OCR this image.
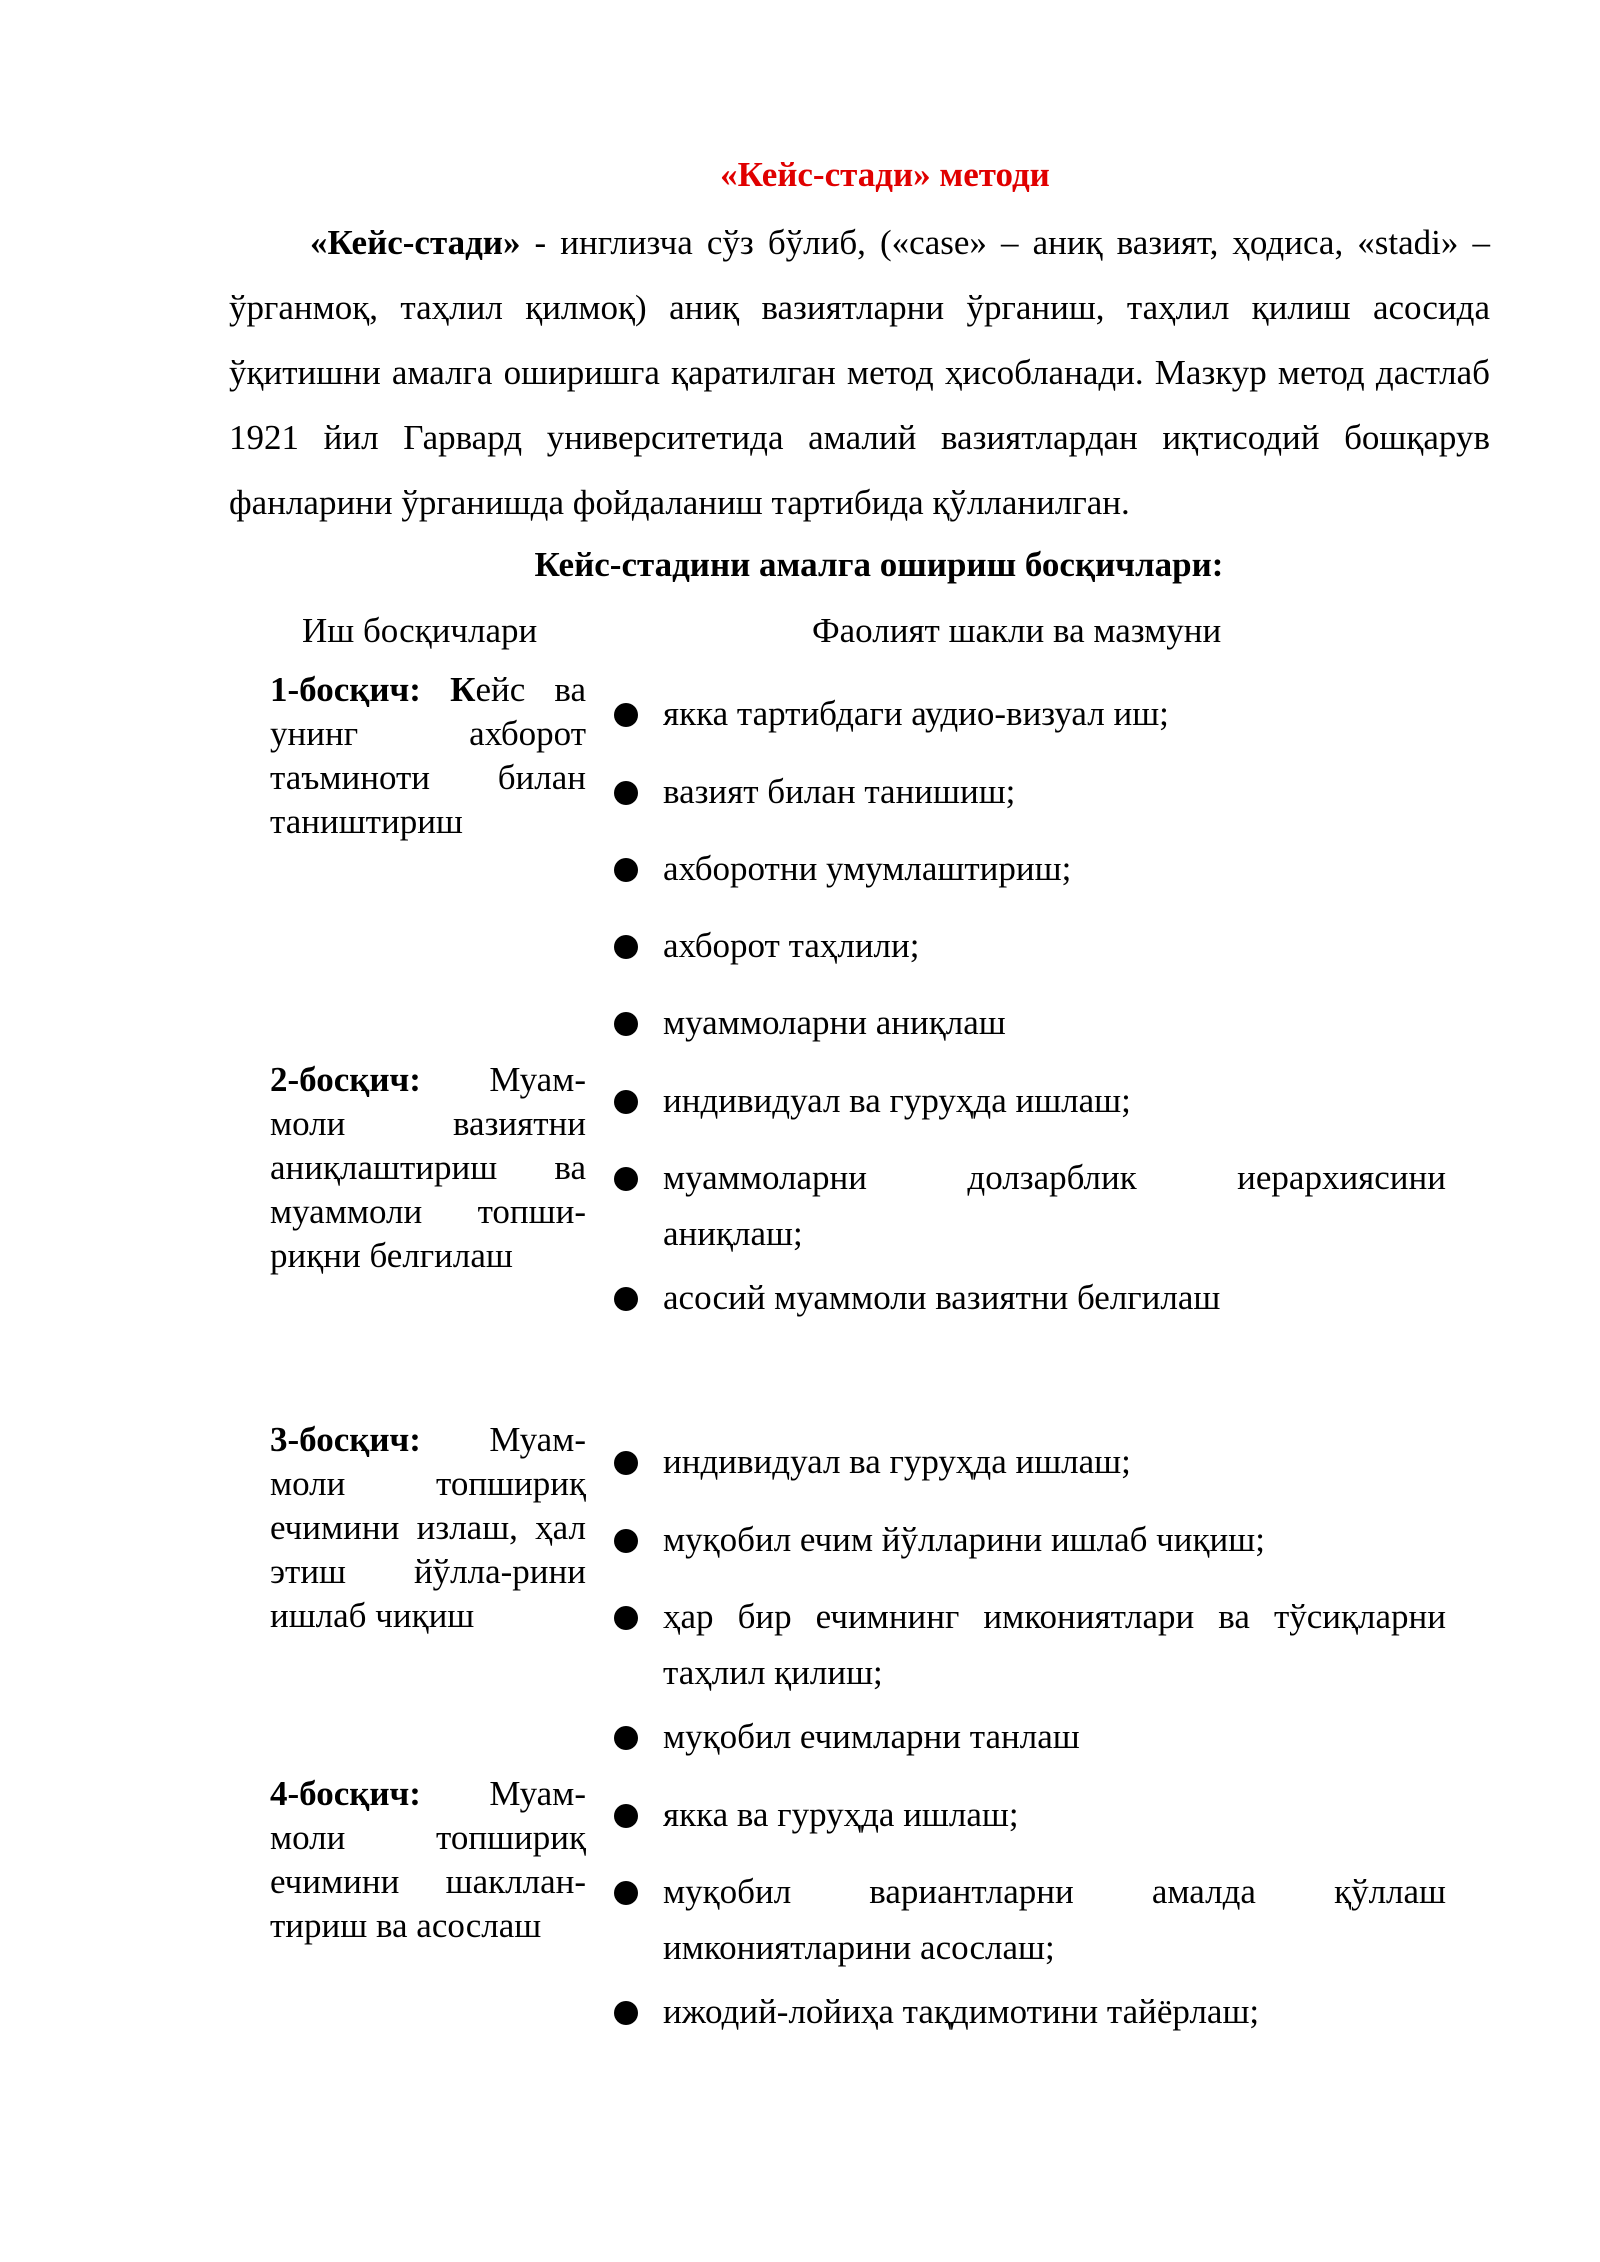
«Кейс-стади» методи

«Кейс-стади» - инглизча сўз бўлиб, («case» – аниқ вазият, ҳодиса, «stadi» – ўрганмоқ, таҳлил қилмоқ) аниқ вазиятларни ўрганиш, таҳлил қилиш асосида ўқитишни амалга оширишга қаратилган метод ҳисобланади. Мазкур метод дастлаб 1921 йил Гарвард университетида амалий вазиятлардан иқтисодий бошқарув фанларини ўрганишда фойдаланиш тартибида қўлланилган.

Кейс-стадини амалга ошириш босқичлари:
Иш босқичлари	Фаолият шакли ва мазмуни
1-босқич: Кейс ва унинг ахборот таъминоти билан таништириш
2-босқич: Муам-моли вазиятни аниқлаштириш ва муаммоли топши-риқни белгилаш
3-босқич: Муам-моли топшириқ ечимини излаш, ҳал этиш йўлла-рини ишлаб чиқиш
4-босқич: Муам-моли топшириқ ечимини шакллан-тириш ва асослаш
якка тартибдаги аудио-визуал иш;
вазият билан танишиш;
ахборотни умумлаштириш;
ахборот таҳлили;
муаммоларни аниқлаш
индивидуал ва гуруҳда ишлаш;
муаммоларни долзарблик иерархиясини
аниқлаш;
асосий муаммоли вазиятни белгилаш
индивидуал ва гуруҳда ишлаш;
муқобил ечим йўлларини ишлаб чиқиш;
ҳар бир ечимнинг имкониятлари ва тўсиқларни
таҳлил қилиш;
муқобил ечимларни танлаш
якка ва гуруҳда ишлаш;
муқобил вариантларни амалда қўллаш
имкониятларини асослаш;
ижодий-лойиҳа тақдимотини тайёрлаш;
